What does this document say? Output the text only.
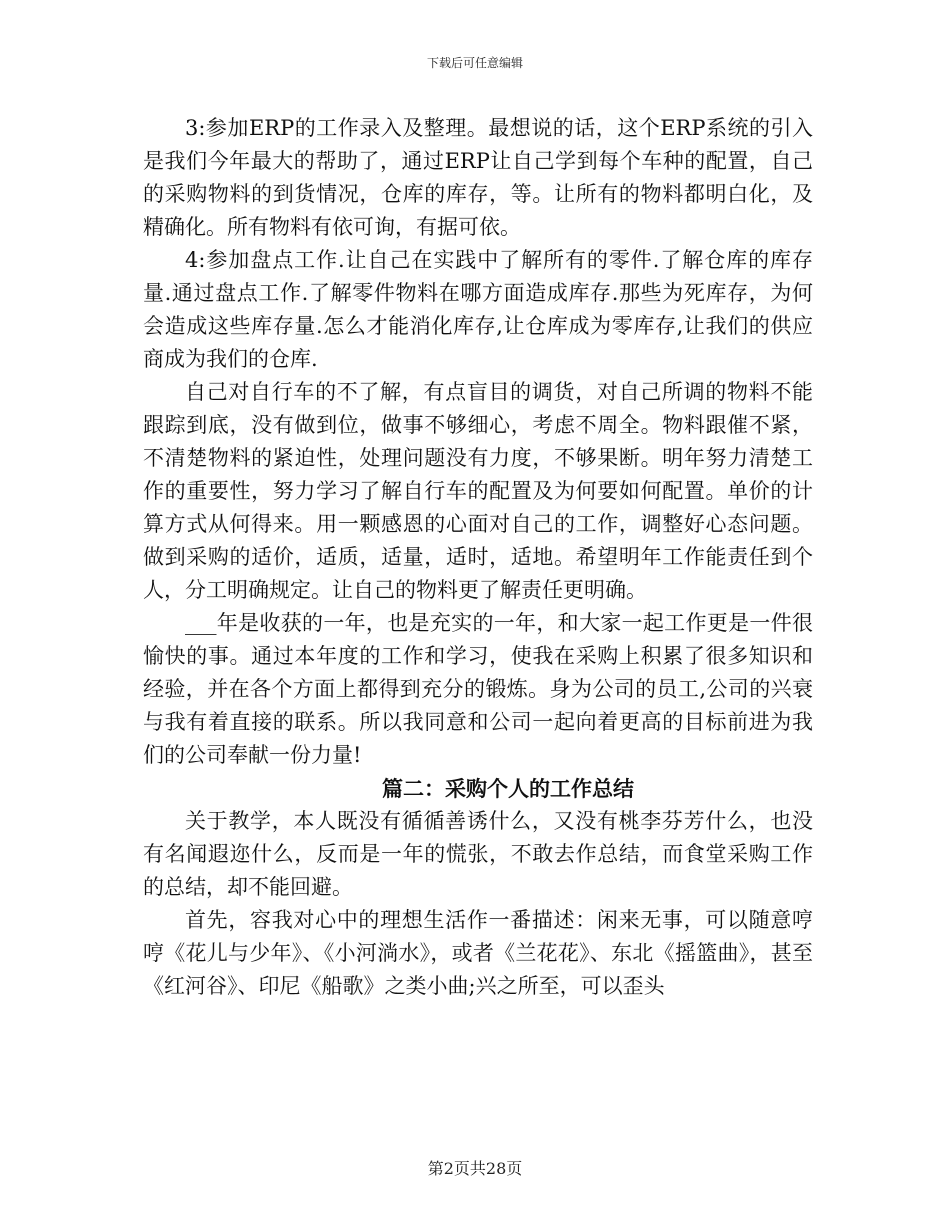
下载后可任意编辑

3:参加ERP的工作录入及整理。最想说的话，这个ERP系统的引入是我们今年最大的帮助了，通过ERP让自己学到每个车种的配置，自己的采购物料的到货情况，仓库的库存，等。让所有的物料都明白化，及精确化。所有物料有依可询，有据可依。

4:参加盘点工作.让自己在实践中了解所有的零件.了解仓库的库存量.通过盘点工作.了解零件物料在哪方面造成库存.那些为死库存，为何会造成这些库存量.怎么才能消化库存,让仓库成为零库存,让我们的供应商成为我们的仓库.

自己对自行车的不了解，有点盲目的调货，对自己所调的物料不能跟踪到底，没有做到位，做事不够细心，考虑不周全。物料跟催不紧，不清楚物料的紧迫性，处理问题没有力度，不够果断。明年努力清楚工作的重要性，努力学习了解自行车的配置及为何要如何配置。单价的计算方式从何得来。用一颗感恩的心面对自己的工作，调整好心态问题。做到采购的适价，适质，适量，适时，适地。希望明年工作能责任到个人，分工明确规定。让自己的物料更了解责任更明确。

___年是收获的一年，也是充实的一年，和大家一起工作更是一件很愉快的事。通过本年度的工作和学习，使我在采购上积累了很多知识和经验，并在各个方面上都得到充分的锻炼。身为公司的员工,公司的兴衰与我有着直接的联系。所以我同意和公司一起向着更高的目标前进为我们的公司奉献一份力量!

篇二：采购个人的工作总结

关于教学，本人既没有循循善诱什么，又没有桃李芬芳什么，也没有名闻遐迩什么，反而是一年的慌张，不敢去作总结，而食堂采购工作的总结，却不能回避。

首先，容我对心中的理想生活作一番描述：闲来无事，可以随意哼哼《花儿与少年》、《小河淌水》，或者《兰花花》、东北《摇篮曲》，甚至《红河谷》、印尼《船歌》之类小曲;兴之所至，可以歪头

第2页共28页
